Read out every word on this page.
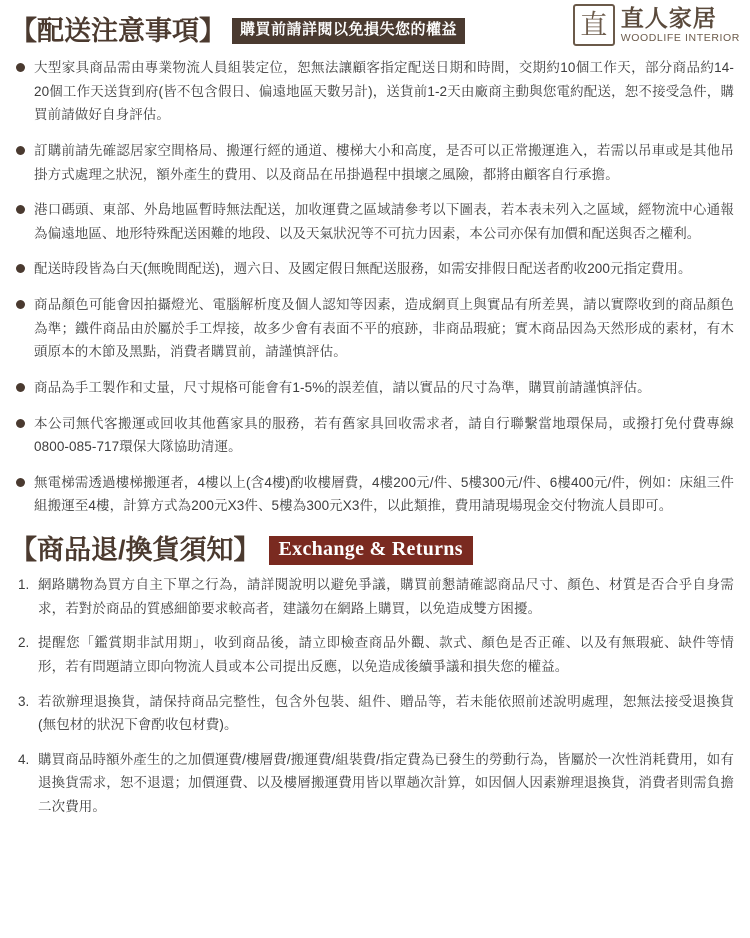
【配送注意事項】 購買前請詳閱以免損失您的權益	直 直人家居
WOODLIFE INTERIOR
大型家具商品需由專業物流人員組裝定位，恕無法讓顧客指定配送日期和時間，交期約10個工作天，部分商品約14-20個工作天送貨到府(皆不包含假日、偏遠地區天數另計)，送貨前1-2天由廠商主動與您電約配送，恕不接受急件，購買前請做好自身評估。
訂購前請先確認居家空間格局、搬運行經的通道、樓梯大小和高度，是否可以正常搬運進入，若需以吊車或是其他吊掛方式處理之狀況，額外產生的費用、以及商品在吊掛過程中損壞之風險，都將由顧客自行承擔。
港口碼頭、東部、外島地區暫時無法配送，加收運費之區域請參考以下圖表，若本表未列入之區域，經物流中心通報為偏遠地區、地形特殊配送困難的地段、以及天氣狀況等不可抗力因素，本公司亦保有加價和配送與否之權利。
配送時段皆為白天(無晚間配送)，週六日、及國定假日無配送服務，如需安排假日配送者酌收200元指定費用。
商品顏色可能會因拍攝燈光、電腦解析度及個人認知等因素，造成網頁上與實品有所差異，請以實際收到的商品顏色為準；鐵件商品由於屬於手工焊接，故多少會有表面不平的痕跡，非商品瑕疵；實木商品因為天然形成的素材，有木頭原本的木節及黑點，消費者購買前，請謹慎評估。
商品為手工製作和丈量，尺寸規格可能會有1-5%的誤差值，請以實品的尺寸為準，購買前請謹慎評估。
本公司無代客搬運或回收其他舊家具的服務，若有舊家具回收需求者，請自行聯繫當地環保局，或撥打免付費專線0800-085-717環保大隊協助清運。
無電梯需透過樓梯搬運者，4樓以上(含4樓)酌收樓層費，4樓200元/件、5樓300元/件、6樓400元/件，例如：床組三件組搬運至4樓，計算方式為200元X3件、5樓為300元X3件，以此類推，費用請現場現金交付物流人員即可。
【商品退/換貨須知】 Exchange & Returns
1. 網路購物為買方自主下單之行為，請詳閱說明以避免爭議，購買前懇請確認商品尺寸、顏色、材質是否合乎自身需求，若對於商品的質感細節要求較高者，建議勿在網路上購買，以免造成雙方困擾。
2. 提醒您「鑑賞期非試用期」，收到商品後，請立即檢查商品外觀、款式、顏色是否正確、以及有無瑕疵、缺件等情形，若有問題請立即向物流人員或本公司提出反應，以免造成後續爭議和損失您的權益。
3. 若欲辦理退換貨，請保持商品完整性，包含外包裝、組件、贈品等，若未能依照前述說明處理，恕無法接受退換貨(無包材的狀況下會酌收包材費)。
4. 購買商品時額外產生的之加價運費/樓層費/搬運費/組裝費/指定費為已發生的勞動行為，皆屬於一次性消耗費用，如有退換貨需求，恕不退還；加價運費、以及樓層搬運費用皆以單趟次計算，如因個人因素辦理退換貨，消費者則需負擔二次費用。
